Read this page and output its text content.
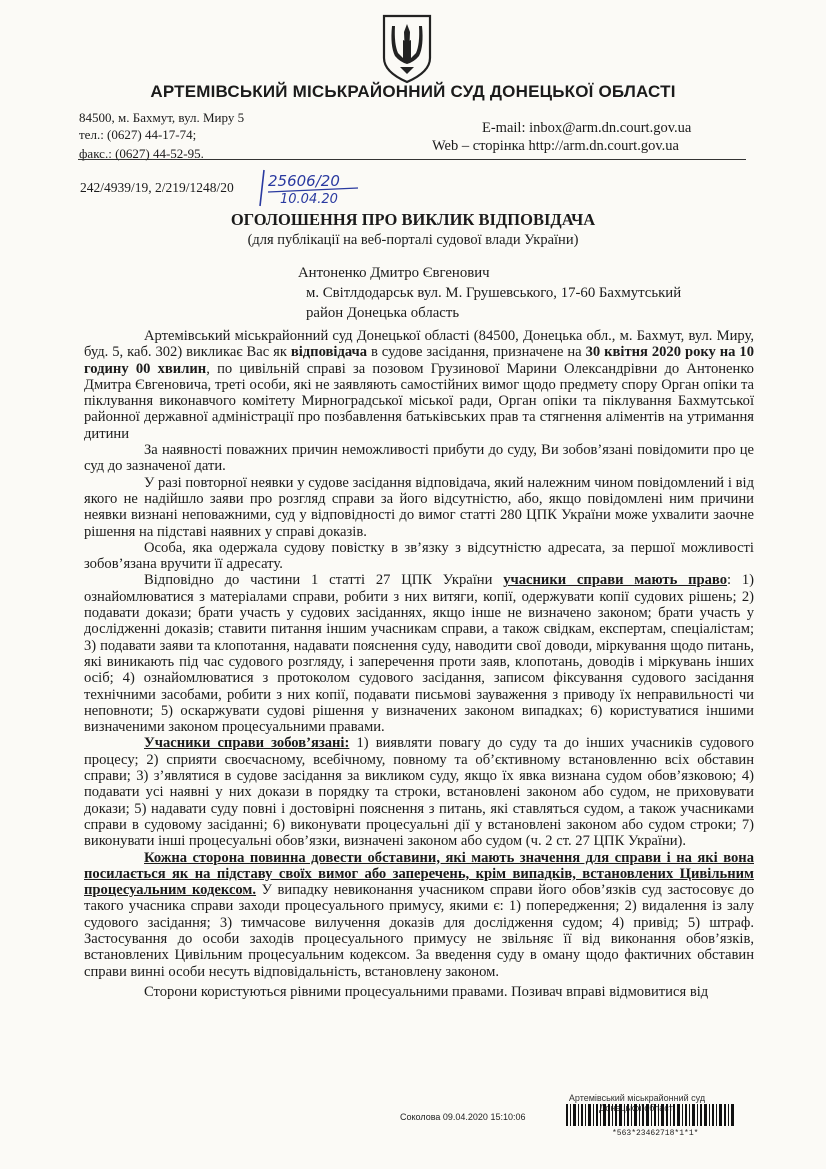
АРТЕМІВСЬКИЙ МІСЬКРАЙОННИЙ СУД ДОНЕЦЬКОЇ ОБЛАСТІ
84500, м. Бахмут, вул. Миру 5
тел.: (0627) 44-17-74;
факс.: (0627) 44-52-95.
E-mail: inbox@arm.dn.court.gov.ua
Web – сторінка http://arm.dn.court.gov.ua
242/4939/19, 2/219/1248/20 25606/20
10.04.20
ОГОЛОШЕННЯ ПРО ВИКЛИК ВІДПОВІДАЧА
(для публікації на веб-порталі судової влади України)
Антоненко Дмитро Євгенович
м. Світлдодарськ вул. М. Грушевського, 17-60 Бахмутський
район Донецька область

Артемівський міськрайонний суд Донецької області (84500, Донецька обл., м. Бахмут, вул. Миру, буд. 5, каб. 302) викликає Вас як відповідача в судове засідання, призначене на 30 квітня 2020 року на 10 годину 00 хвилин, по цивільній справі за позовом Грузинової Марини Олександрівни до Антоненко Дмитра Євгеновича, треті особи, які не заявляють самостійних вимог щодо предмету спору Орган опіки та піклування виконавчого комітету Мирноградської міської ради, Орган опіки та піклування Бахмутської районної державної адміністрації про позбавлення батьківських прав та стягнення аліментів на утримання дитини

За наявності поважних причин неможливості прибути до суду, Ви зобов’язані повідомити про це суд до зазначеної дати.

У разі повторної неявки у судове засідання відповідача, який належним чином повідомлений і від якого не надійшло заяви про розгляд справи за його відсутністю, або, якщо повідомлені ним причини неявки визнані неповажними, суд у відповідності до вимог статті 280 ЦПК України може ухвалити заочне рішення на підставі наявних у справі доказів.

Особа, яка одержала судову повістку в зв’язку з відсутністю адресата, за першої можливості зобов’язана вручити її адресату.

Відповідно до частини 1 статті 27 ЦПК України учасники справи мають право: 1) ознайомлюватися з матеріалами справи, робити з них витяги, копії, одержувати копії судових рішень; 2) подавати докази; брати участь у судових засіданнях, якщо інше не визначено законом; брати участь у дослідженні доказів; ставити питання іншим учасникам справи, а також свідкам, експертам, спеціалістам; 3) подавати заяви та клопотання, надавати пояснення суду, наводити свої доводи, міркування щодо питань, які виникають під час судового розгляду, і заперечення проти заяв, клопотань, доводів і міркувань інших осіб; 4) ознайомлюватися з протоколом судового засідання, записом фіксування судового засідання технічними засобами, робити з них копії, подавати письмові зауваження з приводу їх неправильності чи неповноти; 5) оскаржувати судові рішення у визначених законом випадках; 6) користуватися іншими визначеними законом процесуальними правами.

Учасники справи зобов’язані: 1) виявляти повагу до суду та до інших учасників судового процесу; 2) сприяти своєчасному, всебічному, повному та об’єктивному встановленню всіх обставин справи; 3) з’являтися в судове засідання за викликом суду, якщо їх явка визнана судом обов’язковою; 4) подавати усі наявні у них докази в порядку та строки, встановлені законом або судом, не приховувати докази; 5) надавати суду повні і достовірні пояснення з питань, які ставляться судом, а також учасниками справи в судовому засіданні; 6) виконувати процесуальні дії у встановлені законом або судом строки; 7) виконувати інші процесуальні обов’язки, визначені законом або судом (ч. 2 ст. 27 ЦПК України).

Кожна сторона повинна довести обставини, які мають значення для справи і на які вона посилається як на підставу своїх вимог або заперечень, крім випадків, встановлених Цивільним процесуальним кодексом. У випадку невиконання учасником справи його обов’язків суд застосовує до такого учасника справи заходи процесуального примусу, якими є: 1) попередження; 2) видалення із залу судового засідання; 3) тимчасове вилучення доказів для дослідження судом; 4) привід; 5) штраф. Застосування до особи заходів процесуального примусу не звільняє її від виконання обов’язків, встановлених Цивільним процесуальним кодексом. За введення суду в оману щодо фактичних обставин справи винні особи несуть відповідальність, встановлену законом.

Сторони користуються рівними процесуальними правами. Позивач вправі відмовитися від

Артемівський міськрайонний суд
області
Соколова 09.04.2020 15:10:06
*563*23462718*1*1*
